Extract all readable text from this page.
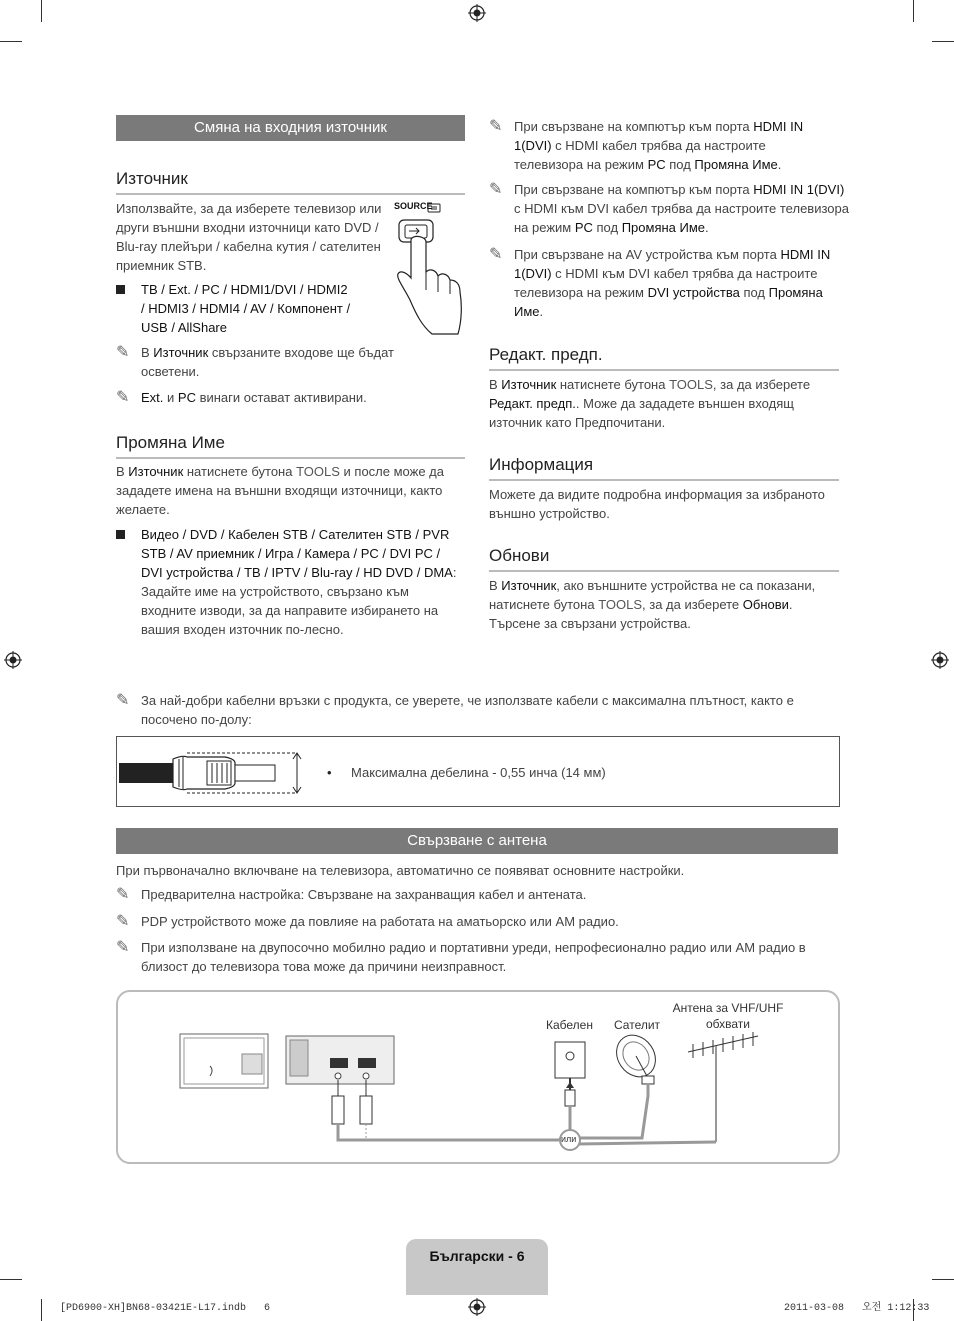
Смяна на входния източник
Източник
Използвайте, за да изберете телевизор или други външни входни източници като DVD / Blu-ray плейъри / кабелна кутия / сателитен приемник STB.
SOURCE
TB / Ext. / PC / HDMI1/DVI / HDMI2
/ HDMI3 / HDMI4 / AV / Компонент /
USB / AllShare
✎ В Източник свързаните входове ще бъдат осветени.
✎ Ext. и PC винаги остават активирани.
Промяна Име
В Източник натиснете бутона TOOLS и после може да зададете имена на външни входящи източници, както желаете.
Видео / DVD / Кабелен STB / Сателитен STB / PVR STB / AV приемник / Игра / Камера / PC / DVI PC / DVI устройства / TB / IPTV / Blu-ray / HD DVD / DMA: Задайте име на устройството, свързано към входните изводи, за да направите избирането на вашия входен източник по-лесно.
✎ При свързване на компютър към порта HDMI IN 1(DVI) с HDMI кабел трябва да настроите телевизора на режим PC под Промяна Име.
✎ При свързване на компютър към порта HDMI IN 1(DVI) с HDMI към DVI кабел трябва да настроите телевизора на режим PC под Промяна Име.
✎ При свързване на AV устройства към порта HDMI IN 1(DVI) с HDMI към DVI кабел трябва да настроите телевизора на режим DVI устройства под Промяна Име.
Редакт. предп.
В Източник натиснете бутона TOOLS, за да изберете Редакт. предп.. Може да зададете външен входящ източник като Предпочитани.
Информация
Можете да видите подробна информация за избраното външно устройство.
Обнови
В Източник, ако външните устройства не са показани, натиснете бутона TOOLS, за да изберете Обнови. Търсене за свързани устройства.
✎ За най-добри кабелни връзки с продукта, се уверете, че използвате кабели с максимална плътност, както е посочено по-долу:
• Максимална дебелина - 0,55 инча (14 мм)
Свързване с антена
При първоначално включване на телевизора, автоматично се появяват основните настройки.
✎ Предварителна настройка: Свързване на захранващия кабел и антената.
✎ PDP устройството може да повлияе на работата на аматьорско или AM радио.
✎ При използване на двупосочно мобилно радио и портативни уреди, непрофесионално радио или AM радио в близост до телевизора това може да причини неизправност.
Кабелен Сателит
Антена за VHF/UHF
обхвати
или
Български - 6
[PD6900-XH]BN68-03421E-L17.indb   6	2011-03-08   오전 1:12:33
